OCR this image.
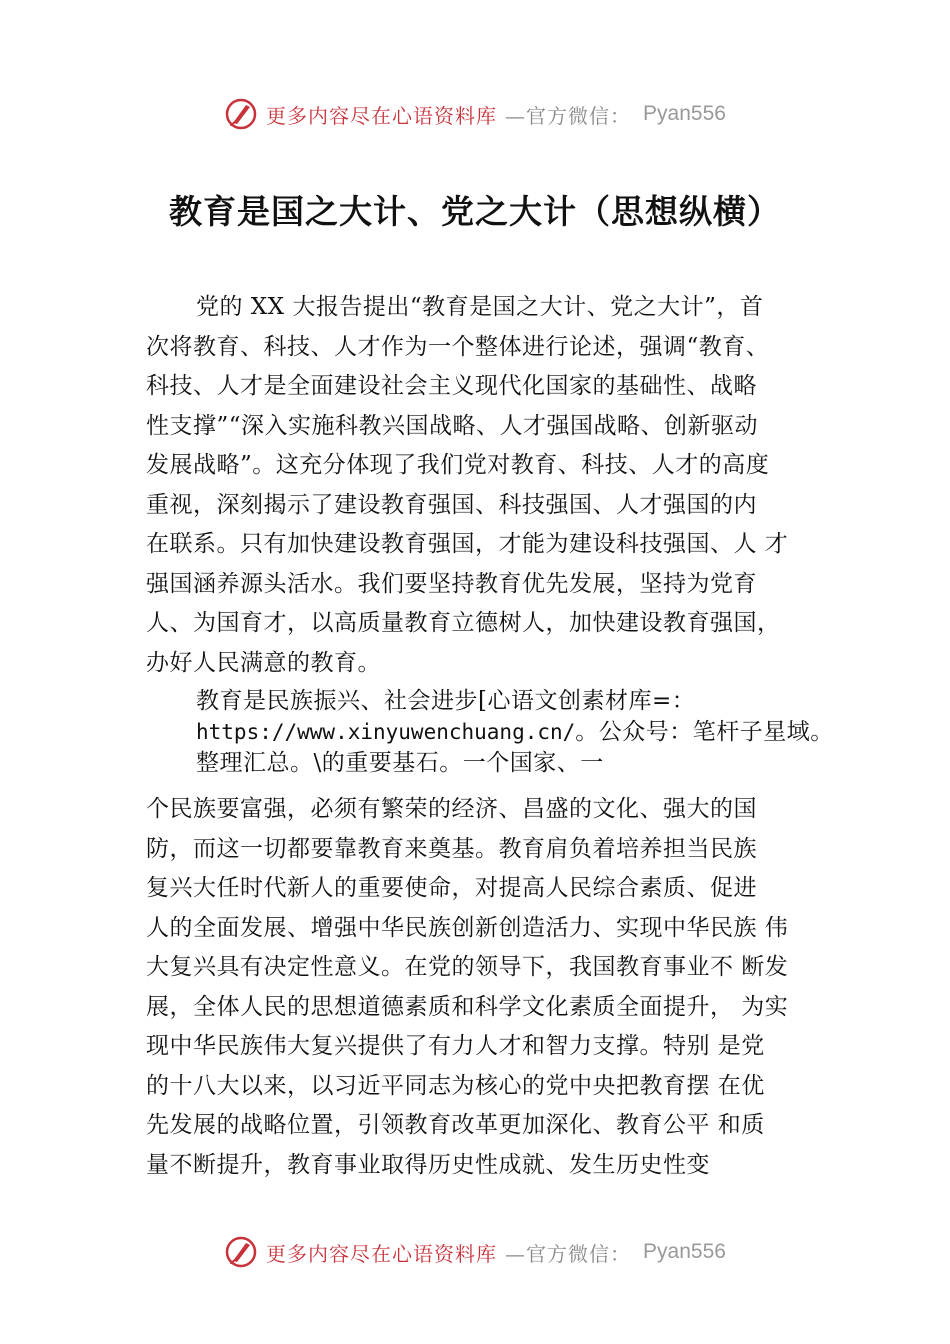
更多内容尽在心语资料库 —官方微信： Pyan556
教育是国之大计、党之大计（思想纵横）
党的 XX 大报告提出“教育是国之大计、党之大计”，首
次将教育、科技、人才作为一个整体进行论述，强调“教育、
科技、人才是全面建设社会主义现代化国家的基础性、战略
性支撑”“深入实施科教兴国战略、人才强国战略、创新驱动
发展战略”。这充分体现了我们党对教育、科技、人才的高度
重视，深刻揭示了建设教育强国、科技强国、人才强国的内
在联系。只有加快建设教育强国，才能为建设科技强国、人 才
强国涵养源头活水。我们要坚持教育优先发展，坚持为党育
人、为国育才，以高质量教育立德树人，加快建设教育强国，
办好人民满意的教育。
教育是民族振兴、社会进步[心语文创素材库=：
https://www.xinyuwenchuang.cn/。公众号：笔杆子星域。
整理汇总。\的重要基石。一个国家、一
个民族要富强，必须有繁荣的经济、昌盛的文化、强大的国
防，而这一切都要靠教育来奠基。教育肩负着培养担当民族
复兴大任时代新人的重要使命，对提高人民综合素质、促进
人的全面发展、增强中华民族创新创造活力、实现中华民族 伟
大复兴具有决定性意义。在党的领导下，我国教育事业不 断发
展，全体人民的思想道德素质和科学文化素质全面提升， 为实
现中华民族伟大复兴提供了有力人才和智力支撑。特别 是党
的十八大以来，以习近平同志为核心的党中央把教育摆 在优
先发展的战略位置，引领教育改革更加深化、教育公平 和质
量不断提升，教育事业取得历史性成就、发生历史性变
更多内容尽在心语资料库 —官方微信： Pyan556
